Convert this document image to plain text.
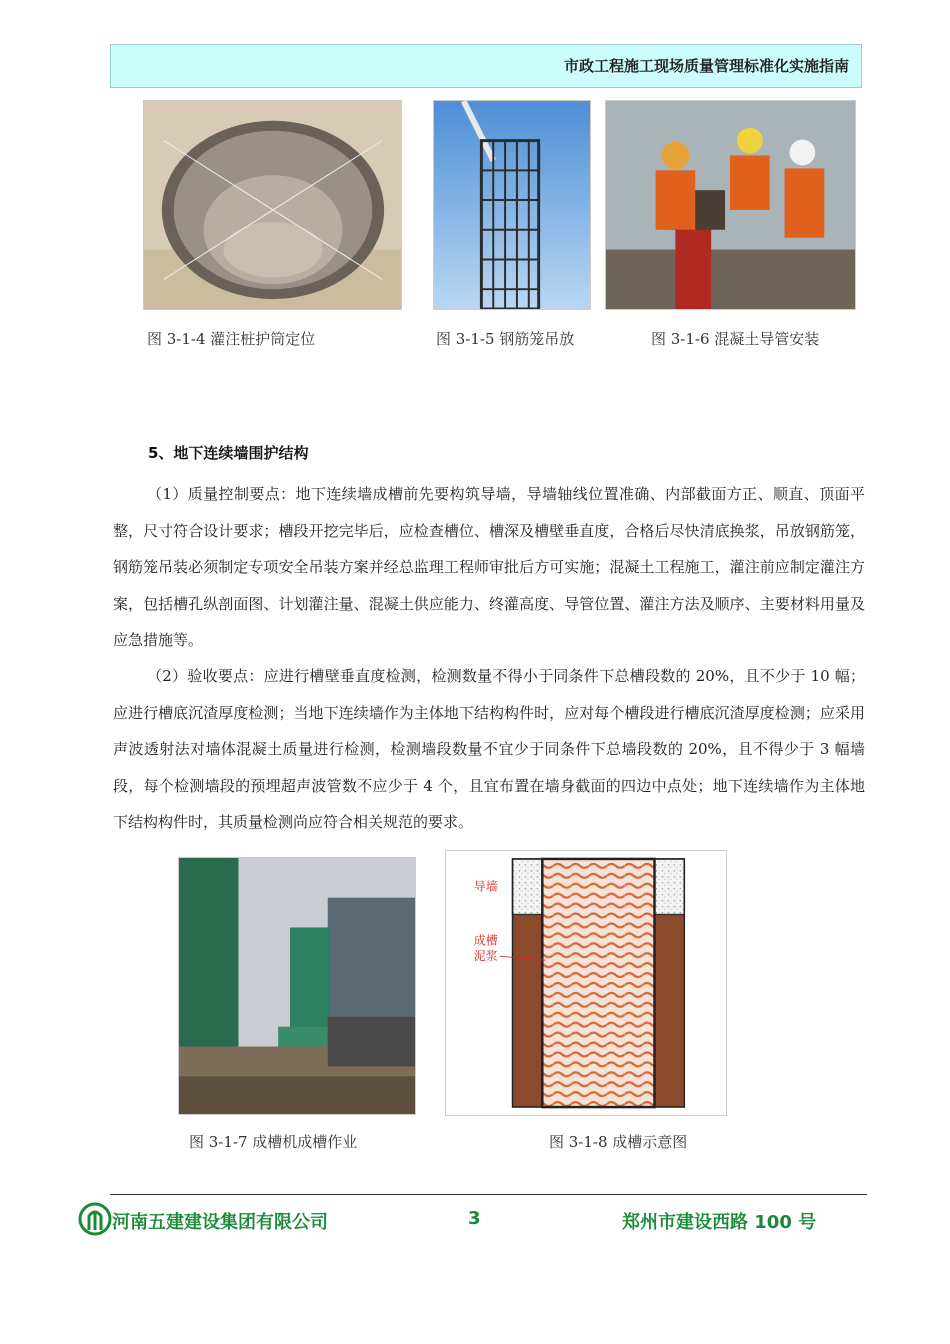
市政工程施工现场质量管理标准化实施指南
图 3-1-4 灌注桩护筒定位	图 3-1-5 钢筋笼吊放	图 3-1-6 混凝土导管安装
5、地下连续墙围护结构

（1）质量控制要点：地下连续墙成槽前先要构筑导墙，导墙轴线位置准确、内部截面方正、顺直、顶面平整，尺寸符合设计要求；槽段开挖完毕后，应检查槽位、槽深及槽壁垂直度，合格后尽快清底换浆，吊放钢筋笼，钢筋笼吊装必须制定专项安全吊装方案并经总监理工程师审批后方可实施；混凝土工程施工，灌注前应制定灌注方案，包括槽孔纵剖面图、计划灌注量、混凝土供应能力、终灌高度、导管位置、灌注方法及顺序、主要材料用量及应急措施等。

（2）验收要点：应进行槽壁垂直度检测，检测数量不得小于同条件下总槽段数的 20%，且不少于 10 幅；应进行槽底沉渣厚度检测；当地下连续墙作为主体地下结构构件时，应对每个槽段进行槽底沉渣厚度检测；应采用声波透射法对墙体混凝土质量进行检测，检测墙段数量不宜少于同条件下总墙段数的 20%，且不得少于 3 幅墙段，每个检测墙段的预埋超声波管数不应少于 4 个，且宜布置在墙身截面的四边中点处；地下连续墙作为主体地下结构构件时，其质量检测尚应符合相关规范的要求。

导墙
成槽
泥浆
图 3-1-7 成槽机成槽作业	图 3-1-8 成槽示意图
河南五建建设集团有限公司	3	郑州市建设西路 100 号
